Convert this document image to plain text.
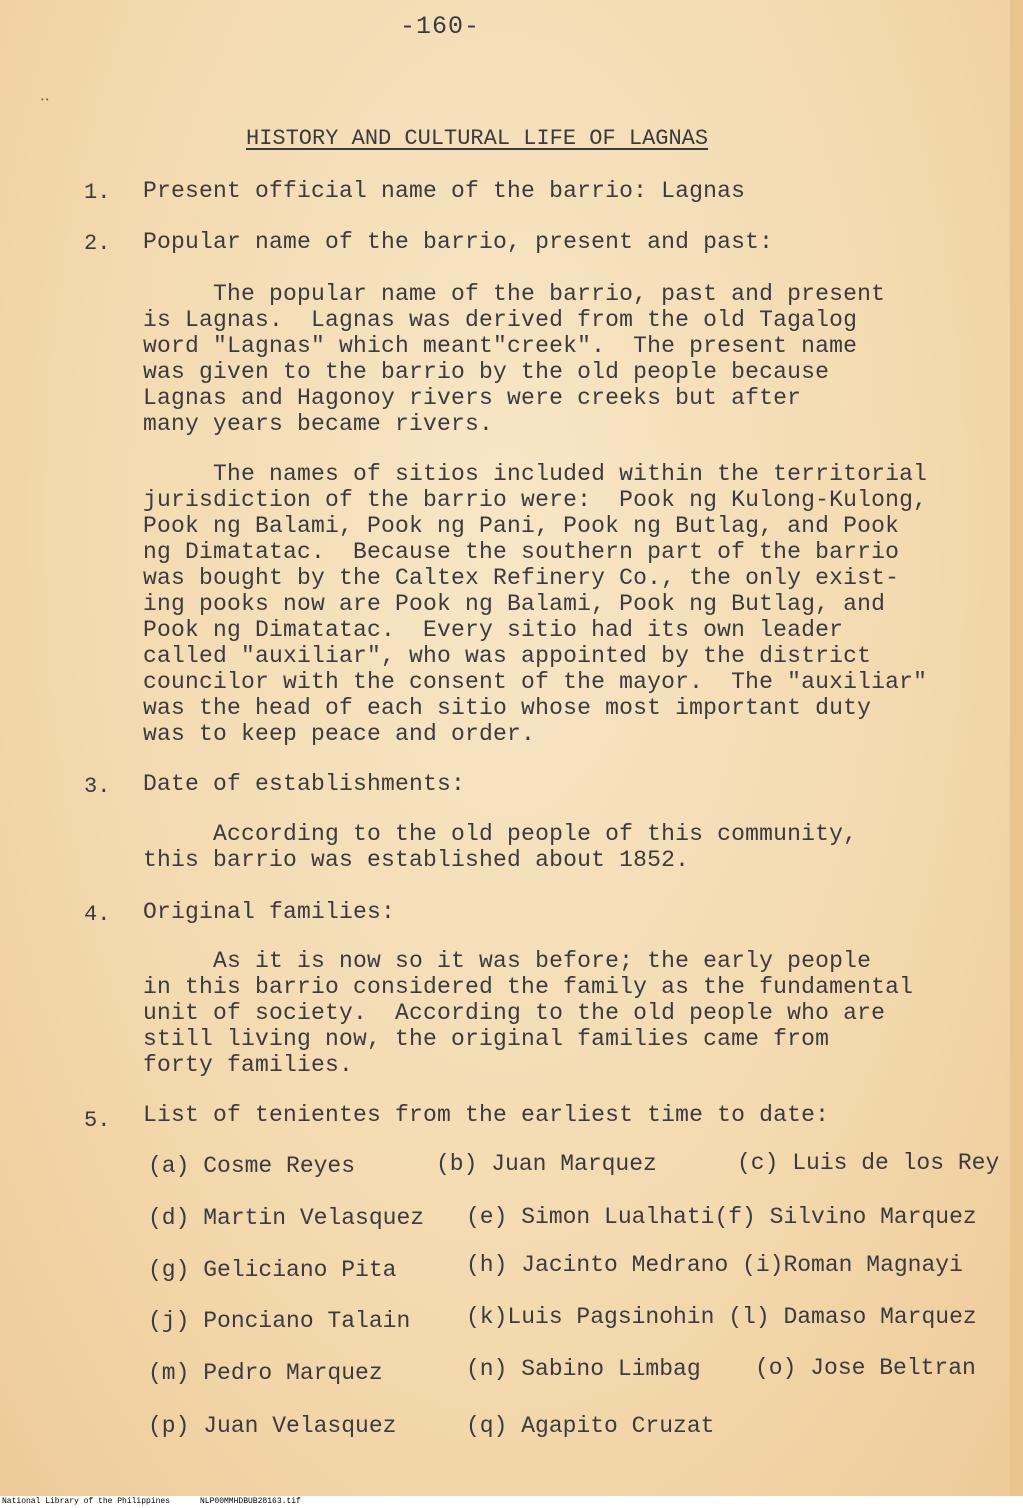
••
-160-
HISTORY AND CULTURAL LIFE OF LAGNAS
1. Present official name of the barrio: Lagnas
2. Popular name of the barrio, present and past:
The popular name of the barrio, past and present
is Lagnas.  Lagnas was derived from the old Tagalog
word "Lagnas" which meant"creek".  The present name
was given to the barrio by the old people because
Lagnas and Hagonoy rivers were creeks but after
many years became rivers.
The names of sitios included within the territorial
jurisdiction of the barrio were:  Pook ng Kulong-Kulong,
Pook ng Balami, Pook ng Pani, Pook ng Butlag, and Pook
ng Dimatatac.  Because the southern part of the barrio
was bought by the Caltex Refinery Co., the only exist-
ing pooks now are Pook ng Balami, Pook ng Butlag, and
Pook ng Dimatatac.  Every sitio had its own leader
called "auxiliar", who was appointed by the district
councilor with the consent of the mayor.  The "auxiliar"
was the head of each sitio whose most important duty
was to keep peace and order.
3. Date of establishments:
According to the old people of this community,
this barrio was established about 1852.
4. Original families:
As it is now so it was before; the early people
in this barrio considered the family as the fundamental
unit of society.  According to the old people who are
still living now, the original families came from
forty families.
5. List of tenientes from the earliest time to date:
(a) Cosme Reyes	(b) Juan Marquez	(c) Luis de los Rey
(d) Martin Velasquez (e) Simon Lualhati(f) Silvino Marquez
(g) Geliciano Pita	(h) Jacinto Medrano (i)Roman Magnayi
(j) Ponciano Talain (k)Luis Pagsinohin (l) Damaso Marquez
(m) Pedro Marquez	(n) Sabino Limbag (o) Jose Beltran
(p) Juan Velasquez	(q) Agapito Cruzat
National Library of the Philippines	NLP00MMHDBUB28163.tif
